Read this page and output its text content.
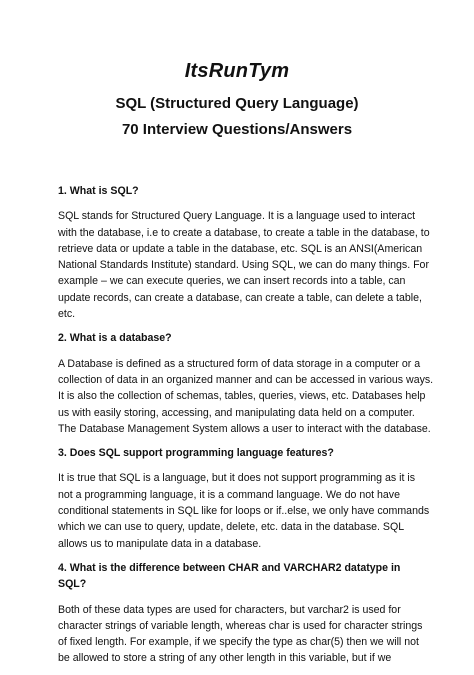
ItsRunTym
SQL (Structured Query Language)
70 Interview Questions/Answers
1. What is SQL?
SQL stands for Structured Query Language. It is a language used to interact
with the database, i.e to create a database, to create a table in the database, to
retrieve data or update a table in the database, etc. SQL is an ANSI(American
National Standards Institute) standard. Using SQL, we can do many things. For
example – we can execute queries, we can insert records into a table, can
update records, can create a database, can create a table, can delete a table,
etc.
2. What is a database?
A Database is defined as a structured form of data storage in a computer or a
collection of data in an organized manner and can be accessed in various ways.
It is also the collection of schemas, tables, queries, views, etc. Databases help
us with easily storing, accessing, and manipulating data held on a computer.
The Database Management System allows a user to interact with the database.
3. Does SQL support programming language features?
It is true that SQL is a language, but it does not support programming as it is
not a programming language, it is a command language. We do not have
conditional statements in SQL like for loops or if..else, we only have commands
which we can use to query, update, delete, etc. data in the database. SQL
allows us to manipulate data in a database.
4. What is the difference between CHAR and VARCHAR2 datatype in SQL?
Both of these data types are used for characters, but varchar2 is used for
character strings of variable length, whereas char is used for character strings
of fixed length. For example, if we specify the type as char(5) then we will not
be allowed to store a string of any other length in this variable, but if we
